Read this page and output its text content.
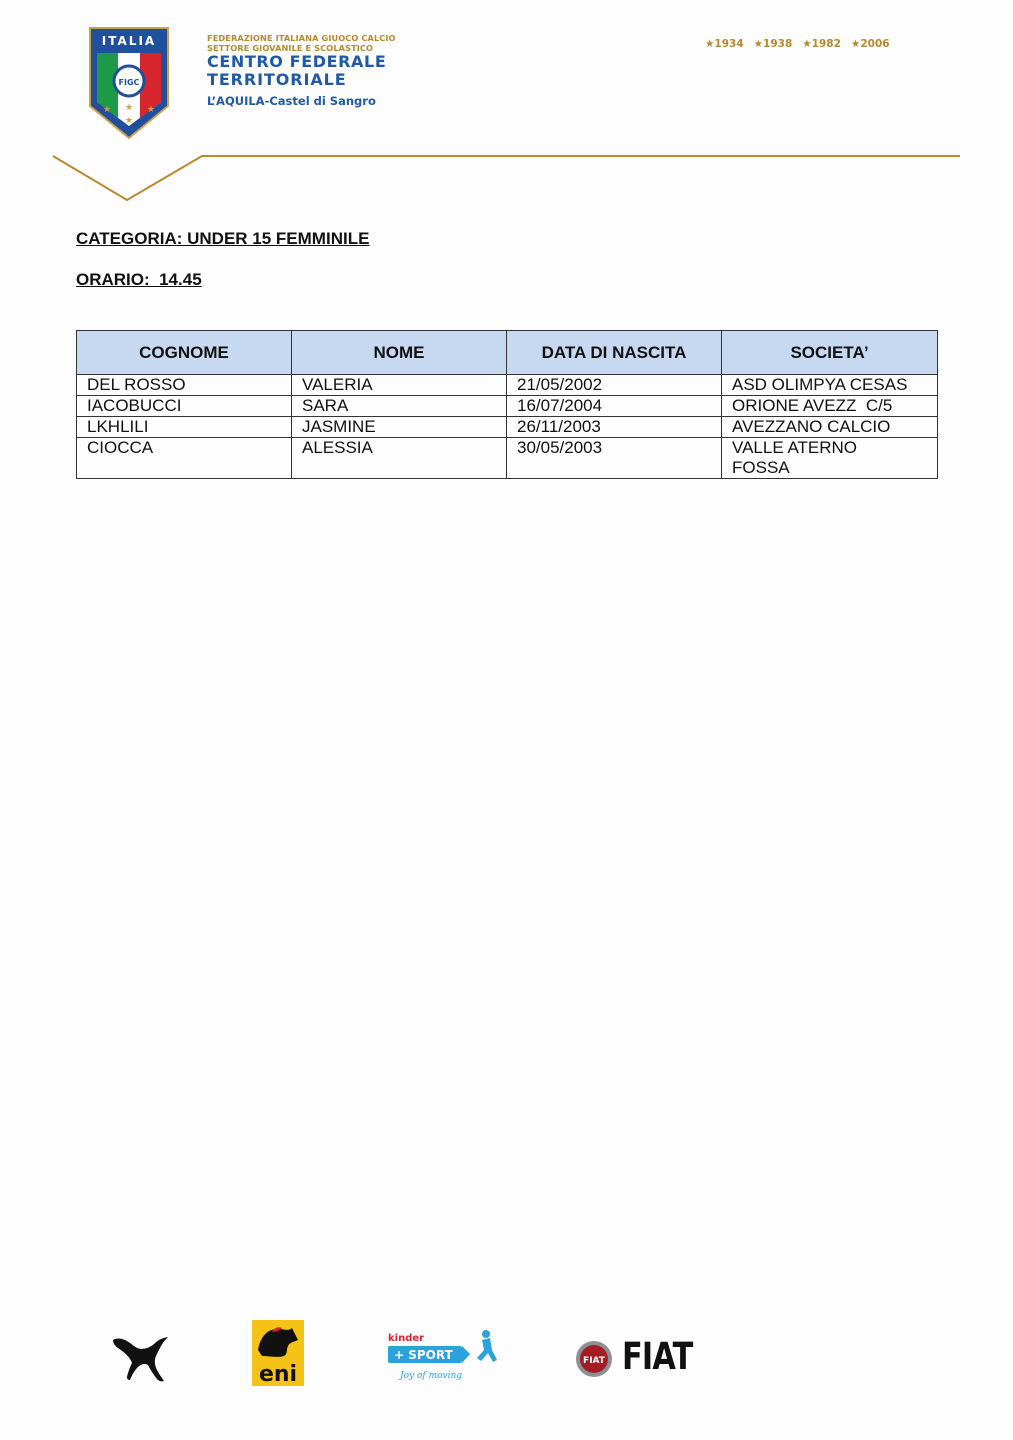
ITALIA
FIGC
★	★
★
★
FEDERAZIONE ITALIANA GIUOCO CALCIO
SETTORE GIOVANILE E SCOLASTICO
CENTRO FEDERALE
TERRITORIALE
L’AQUILA-Castel di Sangro
★1934 ★1938 ★1982 ★2006
CATEGORIA: UNDER 15 FEMMINILE
ORARIO:  14.45
COGNOME	NOME	DATA DI NASCITA	SOCIETA’
DEL ROSSO	VALERIA	21/05/2002	ASD OLIMPYA CESAS
IACOBUCCI	SARA	16/07/2004	ORIONE AVEZZ  C/5
LKHLILI	JASMINE	26/11/2003	AVEZZANO CALCIO
CIOCCA	ALESSIA	30/05/2003	VALLE ATERNO FOSSA
eni
kinder
+ SPORT
Joy of moving
FIAT FIAT
